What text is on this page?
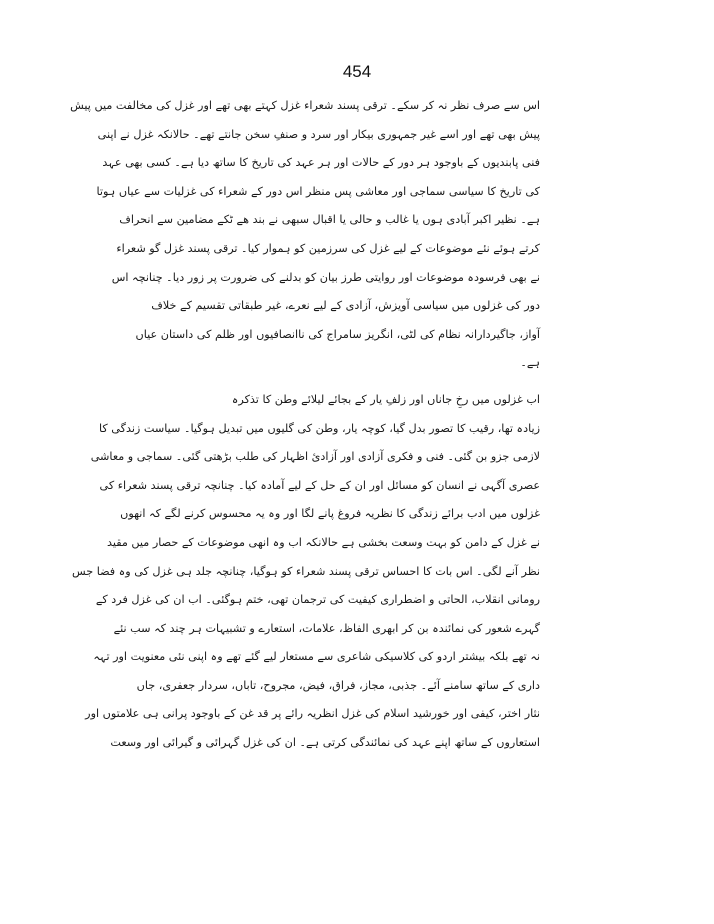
454
اس سے صرف نظر نہ کر سکے۔ ترقی پسند شعراء غزل کہتے بھی تھے اور غزل کی مخالفت میں پیش
پیش بھی تھے اور اسے غیر جمہوری بیکار اور سرد و صنفِ سخن جانتے تھے۔ حالانکہ غزل نے اپنی
فنی پابندیوں کے باوجود ہر دور کے حالات اور ہر عہد کی تاریخ کا ساتھ دیا ہے۔ کسی بھی عہد
کی تاریخ کا سیاسی سماجی اور معاشی پس منظر اس دور کے شعراء کی غزلیات سے عیاں ہوتا
ہے۔ نظیر اکبر آبادی ہوں یا غالب و حالی یا اقبال سبھی نے بند ھے ٹکے مضامین سے انحراف
کرتے ہوئے نئے موضوعات کے لیے غزل کی سرزمین کو ہموار کیا۔ ترقی پسند غزل گو شعراء
نے بھی فرسودہ موضوعات اور روایتی طرز بیان کو بدلنے کی ضرورت پر زور دیا۔ چنانچہ اس
دور کی غزلوں میں سیاسی آویزش، آزادی کے لیے نعرے، غیر طبقاتی تقسیم کے خلاف
آواز، جاگیردارانہ نظام کی لٹی، انگریز سامراج کی ناانصافیوں اور ظلم کی داستان عیاں
ہے۔
اب غزلوں میں رخِ جاناں اور زلفِ یار کے بجائے لیلائے وطن کا تذکرہ
زیادہ تھا، رقیب کا تصور بدل گیا، کوچہ یار، وطن کی گلیوں میں تبدیل ہوگیا۔ سیاست زندگی کا
لازمی جزو بن گئی۔ فنی و فکری آزادی اور آزادیٔ اظہار کی طلب بڑھتی گئی۔ سماجی و معاشی
عصری آگہی نے انسان کو مسائل اور ان کے حل کے لیے آمادہ کیا۔ چنانچہ ترقی پسند شعراء کی
غزلوں میں ادب برائے زندگی کا نظریہ فروغ پانے لگا اور وہ یہ محسوس کرنے لگے کہ انھوں
نے غزل کے دامن کو بہت وسعت بخشی ہے حالانکہ اب وہ انھی موضوعات کے حصار میں مقید
نظر آنے لگی۔ اس بات کا احساس ترقی پسند شعراء کو ہوگیا، چنانچہ جلد ہی غزل کی وہ فضا جس
رومانی انقلاب، الحاتی و اضطراری کیفیت کی ترجمان تھی، ختم ہوگئی۔ اب ان کی غزل فرد کے
گہرے شعور کی نمائندہ بن کر ابھری الفاظ، علامات، استعارے و تشبیہات ہر چند کہ سب نئے
نہ تھے بلکہ بیشتر اردو کی کلاسیکی شاعری سے مستعار لیے گئے تھے وہ اپنی نئی معنویت اور تہہ
داری کے ساتھ سامنے آئے۔ جذبی، مجاز، فراق، فیض، مجروح، تاباں، سردار جعفری، جاں
نثار اختر، کیفی اور خورشید اسلام کی غزل انظریہ رائے پر قد غن کے باوجود پرانی ہی علامتوں اور
استعاروں کے ساتھ اپنے عہد کی نمائندگی کرتی ہے۔ ان کی غزل گہرائی و گیرائی اور وسعت
